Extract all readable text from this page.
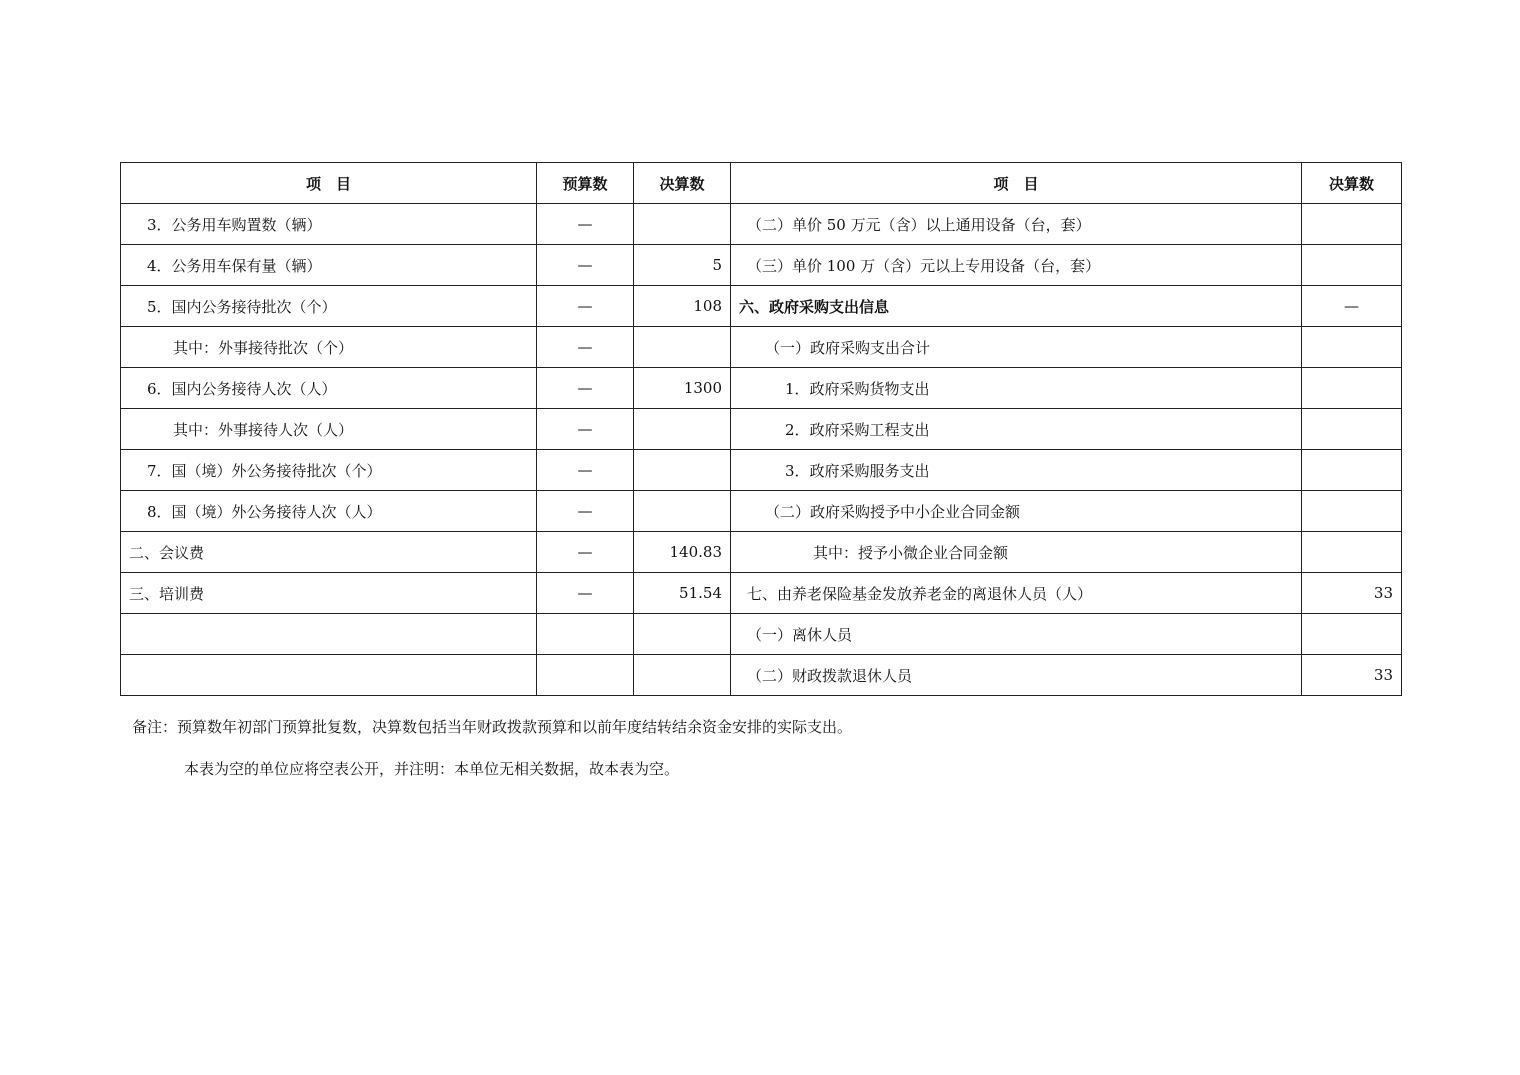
项　目	预算数	决算数	项　目	决算数
3．公务用车购置数（辆）	—		（二）单价 50 万元（含）以上通用设备（台，套）	
4．公务用车保有量（辆）	—	5	（三）单价 100 万（含）元以上专用设备（台，套）	
5．国内公务接待批次（个）	—	108	六、政府采购支出信息	—
其中：外事接待批次（个）	—		（一）政府采购支出合计	
6．国内公务接待人次（人）	—	1300	1．政府采购货物支出	
其中：外事接待人次（人）	—		2．政府采购工程支出	
7．国（境）外公务接待批次（个）	—		3．政府采购服务支出	
8．国（境）外公务接待人次（人）	—		（二）政府采购授予中小企业合同金额	
二、会议费	—	140.83	其中：授予小微企业合同金额	
三、培训费	—	51.54	七、由养老保险基金发放养老金的离退休人员（人）	33
			（一）离休人员	
			（二）财政拨款退休人员	33
备注：预算数年初部门预算批复数，决算数包括当年财政拨款预算和以前年度结转结余资金安排的实际支出。
本表为空的单位应将空表公开，并注明：本单位无相关数据，故本表为空。
